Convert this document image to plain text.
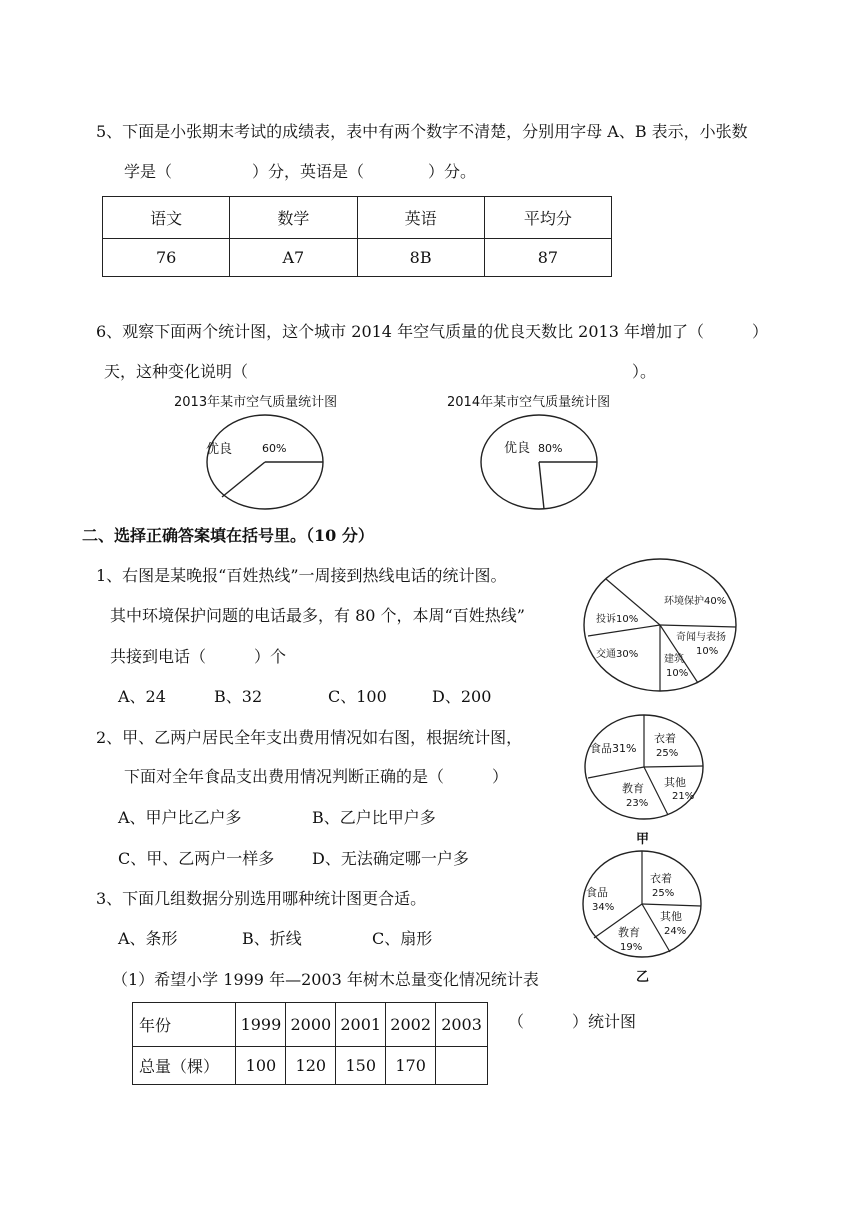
5、下面是小张期末考试的成绩表，表中有两个数字不清楚，分别用字母 A、B 表示，小张数
学是（　　　　　）分，英语是（　　　　）分。
语文	数学	英语	平均分
76	A7	8B	87
6、观察下面两个统计图，这个城市 2014 年空气质量的优良天数比 2013 年增加了（　　　）
天，这种变化说明（　　　　　　　　　　　　　　　　　　　　　　　　）。
2013年某市空气质量统计图
优良	60%
2014年某市空气质量统计图
优良 80%
二、选择正确答案填在括号里。（10 分）
1、右图是某晚报“百姓热线”一周接到热线电话的统计图。
其中环境保护问题的电话最多，有 80 个，本周“百姓热线”
共接到电话（　　　）个
A、24	B、32	C、100	D、200
环境保护40%
投诉10%
奇闻与表扬
10%
交通30%	建筑
10%
2、甲、乙两户居民全年支出费用情况如右图，根据统计图，
下面对全年食品支出费用情况判断正确的是（　　　）
A、甲户比乙户多	B、乙户比甲户多
C、甲、乙两户一样多 D、无法确定哪一户多
食品31%
衣着
25%
其他
21%
教育
23%
甲
食品
34%
衣着
25%
其他
24%
教育
19%
乙
3、下面几组数据分别选用哪种统计图更合适。
A、条形	B、折线	C、扇形
（1）希望小学 1999 年—2003 年树木总量变化情况统计表
年份	1999	2000	2001	2002	2003
总量（棵）	100	120	150	170	
（　　　）统计图
